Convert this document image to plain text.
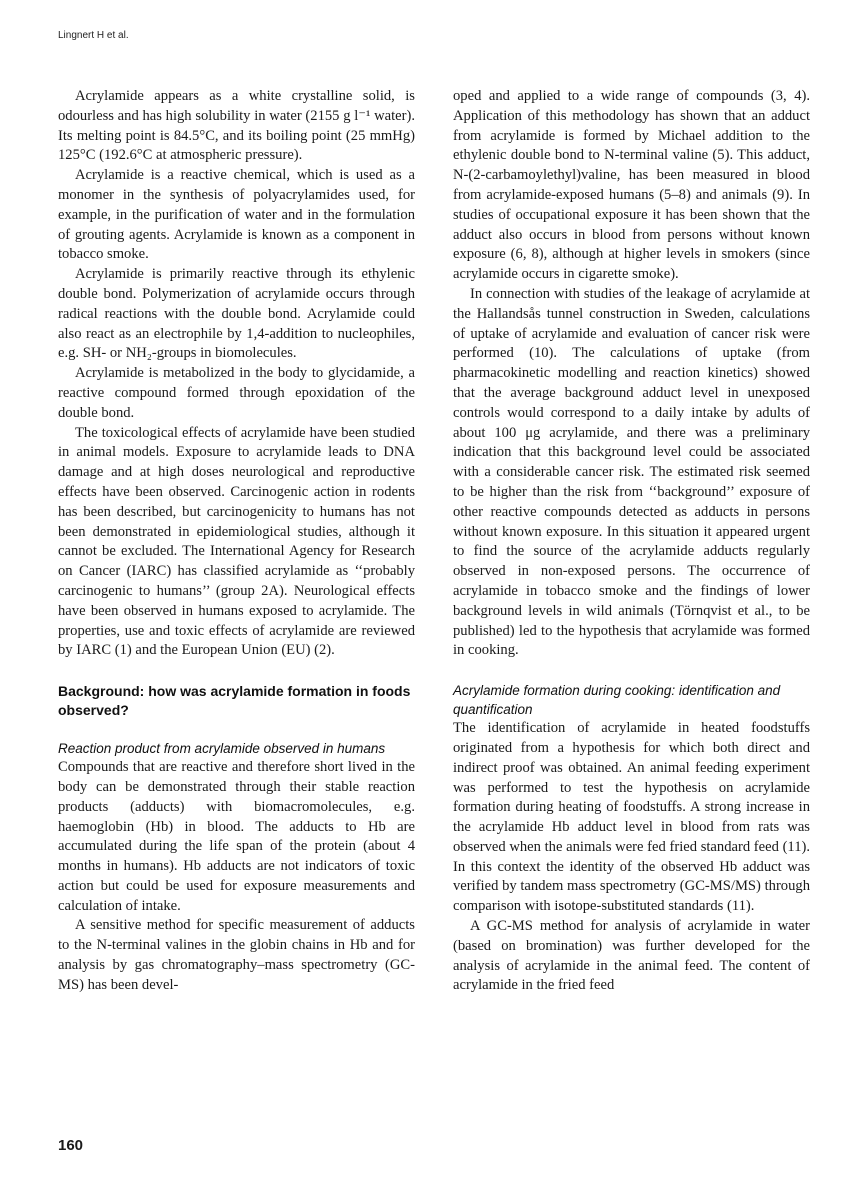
Lingnert H et al.

Acrylamide appears as a white crystalline solid, is odourless and has high solubility in water (2155 g l⁻¹ water). Its melting point is 84.5°C, and its boiling point (25 mmHg) 125°C (192.6°C at atmospheric pressure).

Acrylamide is a reactive chemical, which is used as a monomer in the synthesis of polyacrylamides used, for example, in the purification of water and in the formulation of grouting agents. Acrylamide is known as a component in tobacco smoke.

Acrylamide is primarily reactive through its ethylenic double bond. Polymerization of acrylamide occurs through radical reactions with the double bond. Acrylamide could also react as an electrophile by 1,4-addition to nucleophiles, e.g. SH- or NH₂-groups in biomolecules.

Acrylamide is metabolized in the body to glycidamide, a reactive compound formed through epoxidation of the double bond.

The toxicological effects of acrylamide have been studied in animal models. Exposure to acrylamide leads to DNA damage and at high doses neurological and reproductive effects have been observed. Carcinogenic action in rodents has been described, but carcinogenicity to humans has not been demonstrated in epidemiological studies, although it cannot be excluded. The International Agency for Research on Cancer (IARC) has classified acrylamide as ‘‘probably carcinogenic to humans’’ (group 2A). Neurological effects have been observed in humans exposed to acrylamide. The properties, use and toxic effects of acrylamide are reviewed by IARC (1) and the European Union (EU) (2).

Background: how was acrylamide formation in foods observed?
Reaction product from acrylamide observed in humans

Compounds that are reactive and therefore short lived in the body can be demonstrated through their stable reaction products (adducts) with biomacromolecules, e.g. haemoglobin (Hb) in blood. The adducts to Hb are accumulated during the life span of the protein (about 4 months in humans). Hb adducts are not indicators of toxic action but could be used for exposure measurements and calculation of intake.

A sensitive method for specific measurement of adducts to the N-terminal valines in the globin chains in Hb and for analysis by gas chromatography–mass spectrometry (GC-MS) has been devel-

oped and applied to a wide range of compounds (3, 4). Application of this methodology has shown that an adduct from acrylamide is formed by Michael addition to the ethylenic double bond to N-terminal valine (5). This adduct, N-(2-carbamoylethyl)valine, has been measured in blood from acrylamide-exposed humans (5–8) and animals (9). In studies of occupational exposure it has been shown that the adduct also occurs in blood from persons without known exposure (6, 8), although at higher levels in smokers (since acrylamide occurs in cigarette smoke).

In connection with studies of the leakage of acrylamide at the Hallandsås tunnel construction in Sweden, calculations of uptake of acrylamide and evaluation of cancer risk were performed (10). The calculations of uptake (from pharmacokinetic modelling and reaction kinetics) showed that the average background adduct level in unexposed controls would correspond to a daily intake by adults of about 100 μg acrylamide, and there was a preliminary indication that this background level could be associated with a considerable cancer risk. The estimated risk seemed to be higher than the risk from ‘‘background’’ exposure of other reactive compounds detected as adducts in persons without known exposure. In this situation it appeared urgent to find the source of the acrylamide adducts regularly observed in non-exposed persons. The occurrence of acrylamide in tobacco smoke and the findings of lower background levels in wild animals (Törnqvist et al., to be published) led to the hypothesis that acrylamide was formed in cooking.

Acrylamide formation during cooking: identification and quantification

The identification of acrylamide in heated foodstuffs originated from a hypothesis for which both direct and indirect proof was obtained. An animal feeding experiment was performed to test the hypothesis on acrylamide formation during heating of foodstuffs. A strong increase in the acrylamide Hb adduct level in blood from rats was observed when the animals were fed fried standard feed (11). In this context the identity of the observed Hb adduct was verified by tandem mass spectrometry (GC-MS/MS) through comparison with isotope-substituted standards (11).

A GC-MS method for analysis of acrylamide in water (based on bromination) was further developed for the analysis of acrylamide in the animal feed. The content of acrylamide in the fried feed

160
